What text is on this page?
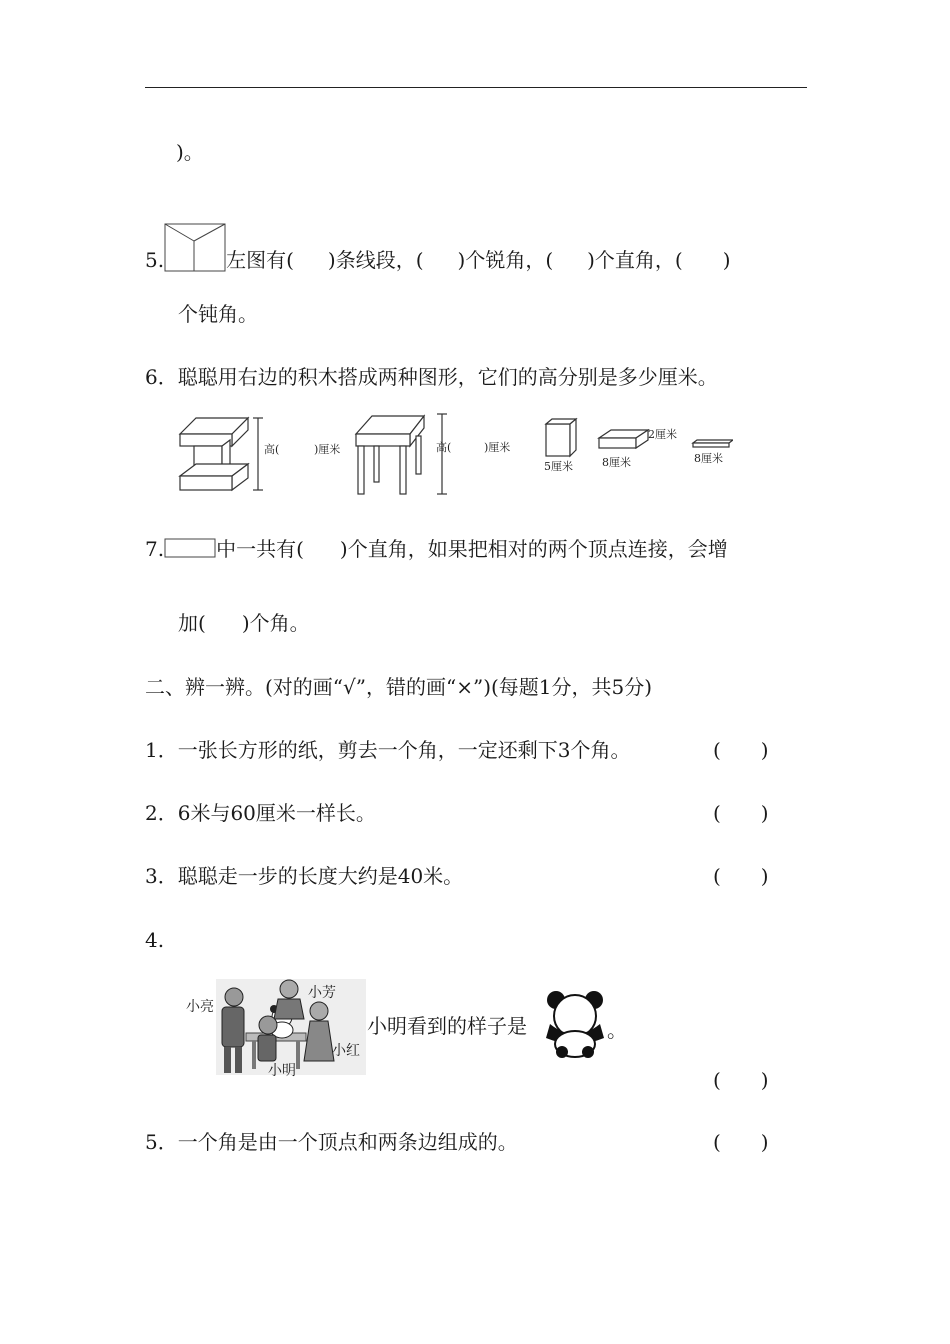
)。
5.	左图有( )条线段，( )个锐角，( )个直角，( )
个钝角。
6．聪聪用右边的积木搭成两种图形，它们的高分别是多少厘米。
高(	)厘米	高(	)厘米
5厘米	8厘米
2厘米
8厘米
7.	中一共有( )个直角，如果把相对的两个顶点连接，会增
加( )个角。
二、辨一辨。(对的画“√”，错的画“×”)(每题1分，共5分)
1．一张长方形的纸，剪去一个角，一定还剩下3个角。	(　　)
2．6米与60厘米一样长。	(　　)
3．聪聪走一步的长度大约是40米。	(　　)
4.
小亮
小芳
小红
小明
小明看到的样子是	。
(　　)
5．一个角是由一个顶点和两条边组成的。	(　　)
